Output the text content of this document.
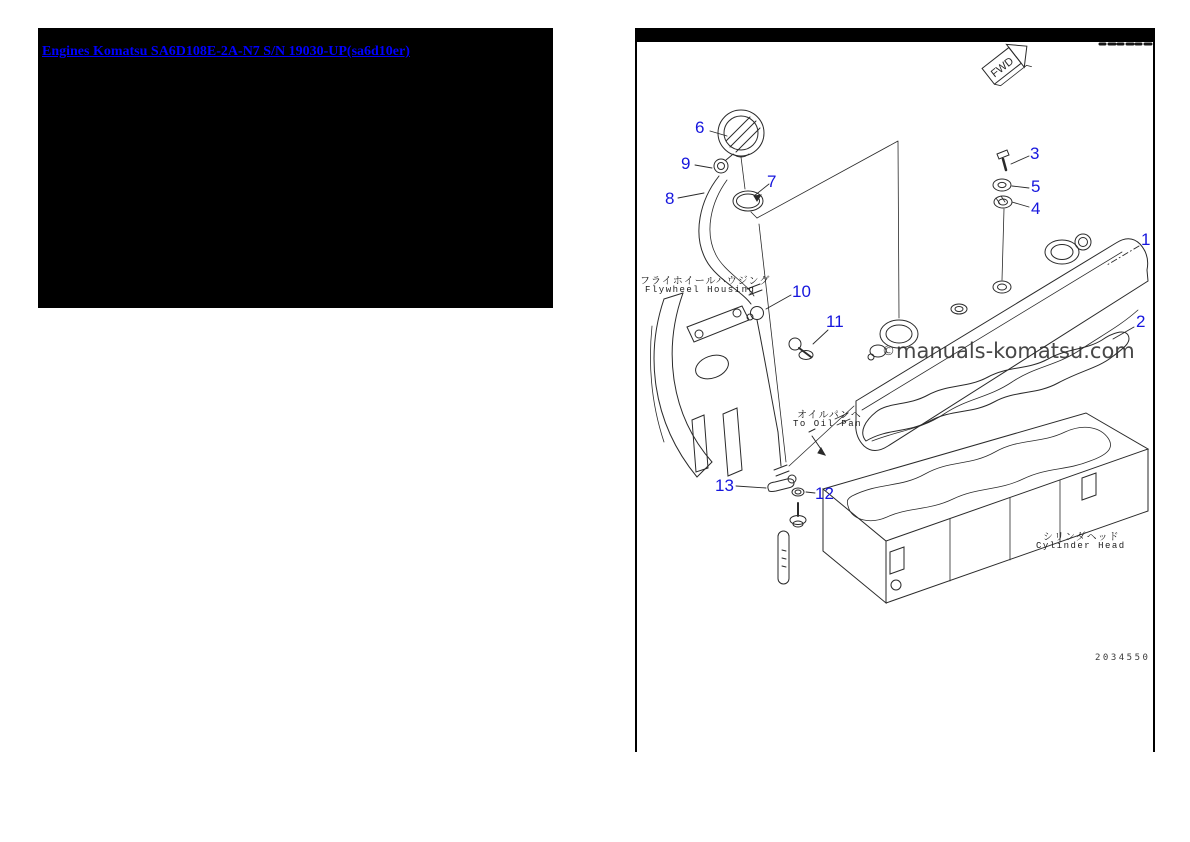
Engines Komatsu SA6D108E-2A-N7 S/N 19030-UP(sa6d10er)
FWD
1
2
3
4
5
6
7
8
9
10
11
12
13
フライホイールハウジング
Flywheel Housing
オイルパンへ
To Oil Pan
シリンダヘッド
Cylinder Head
©manuals-komatsu.com
2034550
